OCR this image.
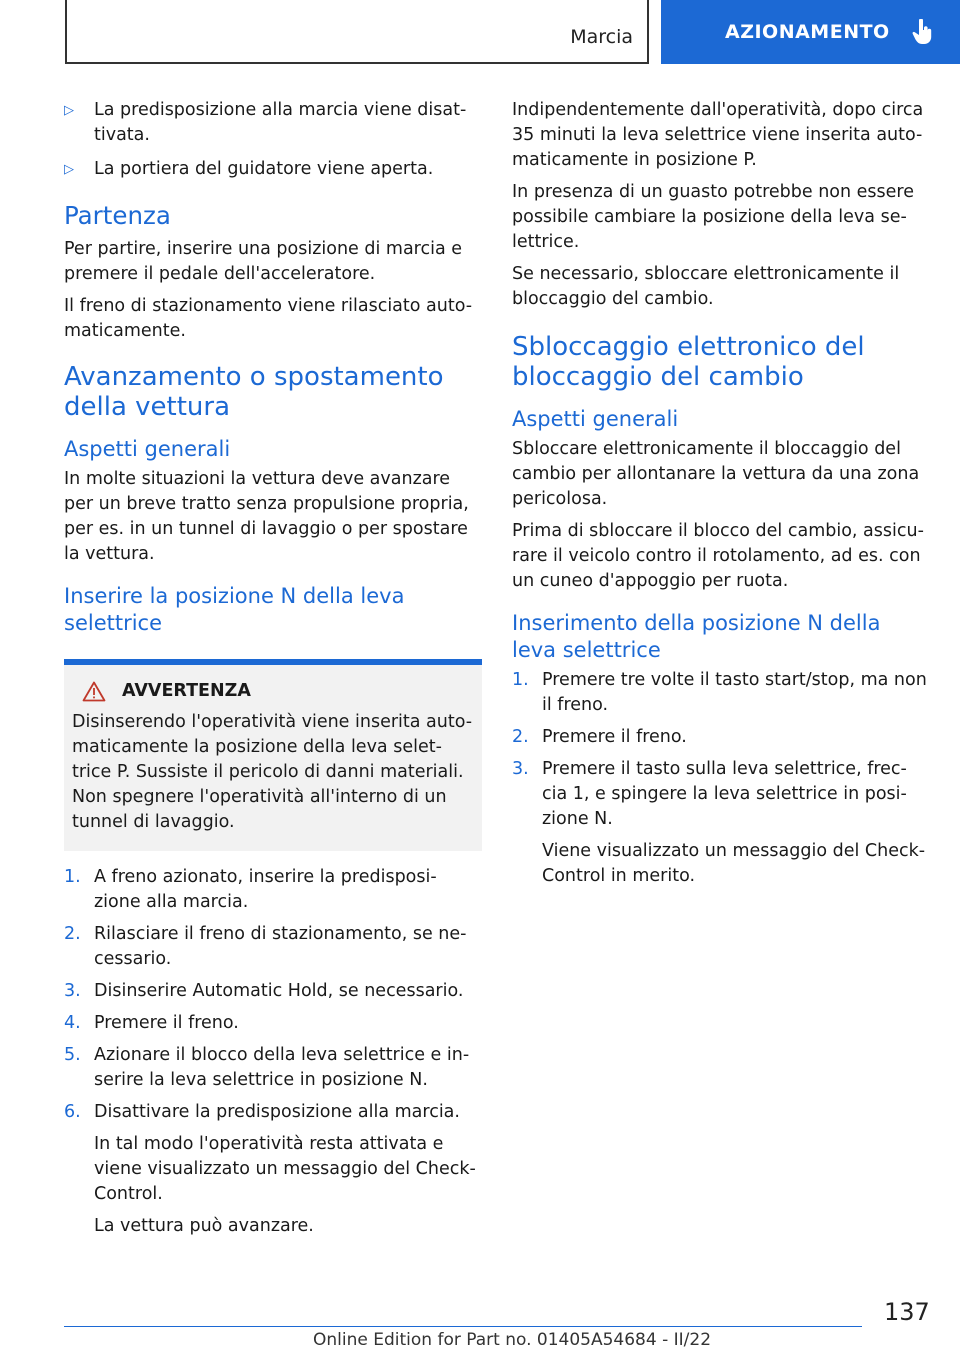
Marcia	AZIONAMENTO
▷	La predisposizione alla marcia viene disat-tivata.
▷	La portiera del guidatore viene aperta.
Partenza

Per partire, inserire una posizione di marcia e premere il pedale dell'acceleratore.

Il freno di stazionamento viene rilasciato auto-maticamente.

Avanzamento o spostamento della vettura
Aspetti generali

In molte situazioni la vettura deve avanzare per un breve tratto senza propulsione propria, per es. in un tunnel di lavaggio o per spostare la vettura.

Inserire la posizione N della leva selettrice
AVVERTENZA
Disinserendo l'operatività viene inserita auto-maticamente la posizione della leva selet-trice P. Sussiste il pericolo di danni materiali. Non spegnere l'operatività all'interno di un tunnel di lavaggio.
1. A freno azionato, inserire la predisposi-zione alla marcia.
2. Rilasciare il freno di stazionamento, se ne-cessario.
3. Disinserire Automatic Hold, se necessario.
4. Premere il freno.
5. Azionare il blocco della leva selettrice e in-serire la leva selettrice in posizione N.
6. Disattivare la predisposizione alla marcia.

In tal modo l'operatività resta attivata e viene visualizzato un messaggio del Check-Control.

La vettura può avanzare.

Indipendentemente dall'operatività, dopo circa 35 minuti la leva selettrice viene inserita auto-maticamente in posizione P.

In presenza di un guasto potrebbe non essere possibile cambiare la posizione della leva se-lettrice.

Se necessario, sbloccare elettronicamente il bloccaggio del cambio.

Sbloccaggio elettronico del bloccaggio del cambio
Aspetti generali

Sbloccare elettronicamente il bloccaggio del cambio per allontanare la vettura da una zona pericolosa.

Prima di sbloccare il blocco del cambio, assicu-rare il veicolo contro il rotolamento, ad es. con un cuneo d'appoggio per ruota.

Inserimento della posizione N della leva selettrice
1. Premere tre volte il tasto start/stop, ma non il freno.
2. Premere il freno.
3. Premere il tasto sulla leva selettrice, frec-cia 1, e spingere la leva selettrice in posi-zione N.

Viene visualizzato un messaggio del Check-Control in merito.

137
Online Edition for Part no. 01405A54684 - II/22
